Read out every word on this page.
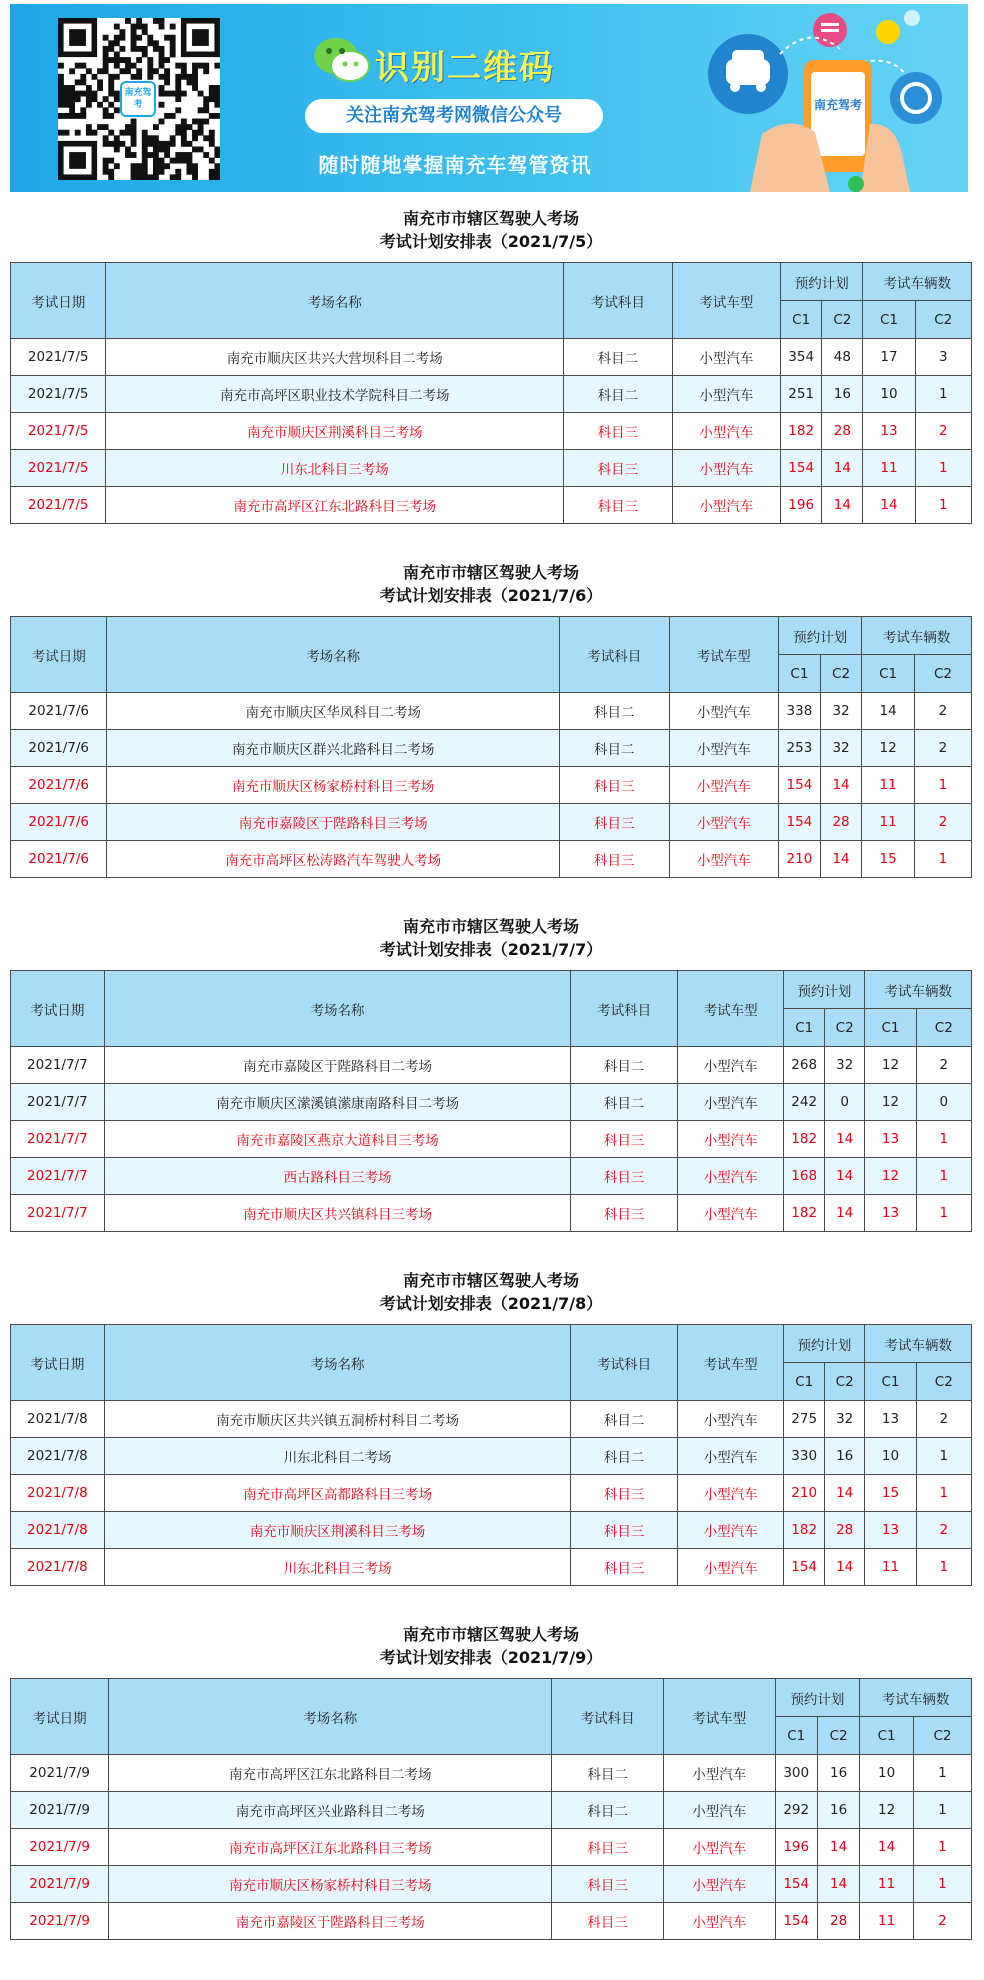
南充驾考
识别二维码
关注南充驾考网微信公众号
随时随地掌握南充车驾管资讯
南充驾考
南充市市辖区驾驶人考场
考试计划安排表（2021/7/5）
考试日期	考场名称	考试科目	考试车型	预约计划		考试车辆数	
				C1	C2	C1	C2
2021/7/5	南充市顺庆区共兴大营坝科目二考场	科目二	小型汽车	354	48	17	3
2021/7/5	南充市高坪区职业技术学院科目二考场	科目二	小型汽车	251	16	10	1
2021/7/5	南充市顺庆区荆溪科目三考场	科目三	小型汽车	182	28	13	2
2021/7/5	川东北科目三考场	科目三	小型汽车	154	14	11	1
2021/7/5	南充市高坪区江东北路科目三考场	科目三	小型汽车	196	14	14	1
南充市市辖区驾驶人考场
考试计划安排表（2021/7/6）
考试日期	考场名称	考试科目	考试车型	预约计划		考试车辆数	
				C1	C2	C1	C2
2021/7/6	南充市顺庆区华凤科目二考场	科目二	小型汽车	338	32	14	2
2021/7/6	南充市顺庆区群兴北路科目二考场	科目二	小型汽车	253	32	12	2
2021/7/6	南充市顺庆区杨家桥村科目三考场	科目三	小型汽车	154	14	11	1
2021/7/6	南充市嘉陵区于陛路科目三考场	科目三	小型汽车	154	28	11	2
2021/7/6	南充市高坪区松涛路汽车驾驶人考场	科目三	小型汽车	210	14	15	1
南充市市辖区驾驶人考场
考试计划安排表（2021/7/7）
考试日期	考场名称	考试科目	考试车型	预约计划		考试车辆数	
				C1	C2	C1	C2
2021/7/7	南充市嘉陵区于陛路科目二考场	科目二	小型汽车	268	32	12	2
2021/7/7	南充市顺庆区潆溪镇潆康南路科目二考场	科目二	小型汽车	242	0	12	0
2021/7/7	南充市嘉陵区燕京大道科目三考场	科目三	小型汽车	182	14	13	1
2021/7/7	西古路科目三考场	科目三	小型汽车	168	14	12	1
2021/7/7	南充市顺庆区共兴镇科目三考场	科目三	小型汽车	182	14	13	1
南充市市辖区驾驶人考场
考试计划安排表（2021/7/8）
考试日期	考场名称	考试科目	考试车型	预约计划		考试车辆数	
				C1	C2	C1	C2
2021/7/8	南充市顺庆区共兴镇五洞桥村科目二考场	科目二	小型汽车	275	32	13	2
2021/7/8	川东北科目二考场	科目二	小型汽车	330	16	10	1
2021/7/8	南充市高坪区高都路科目三考场	科目三	小型汽车	210	14	15	1
2021/7/8	南充市顺庆区荆溪科目三考场	科目三	小型汽车	182	28	13	2
2021/7/8	川东北科目三考场	科目三	小型汽车	154	14	11	1
南充市市辖区驾驶人考场
考试计划安排表（2021/7/9）
考试日期	考场名称	考试科目	考试车型	预约计划		考试车辆数	
				C1	C2	C1	C2
2021/7/9	南充市高坪区江东北路科目二考场	科目二	小型汽车	300	16	10	1
2021/7/9	南充市高坪区兴业路科目二考场	科目二	小型汽车	292	16	12	1
2021/7/9	南充市高坪区江东北路科目三考场	科目三	小型汽车	196	14	14	1
2021/7/9	南充市顺庆区杨家桥村科目三考场	科目三	小型汽车	154	14	11	1
2021/7/9	南充市嘉陵区于陛路科目三考场	科目三	小型汽车	154	28	11	2
